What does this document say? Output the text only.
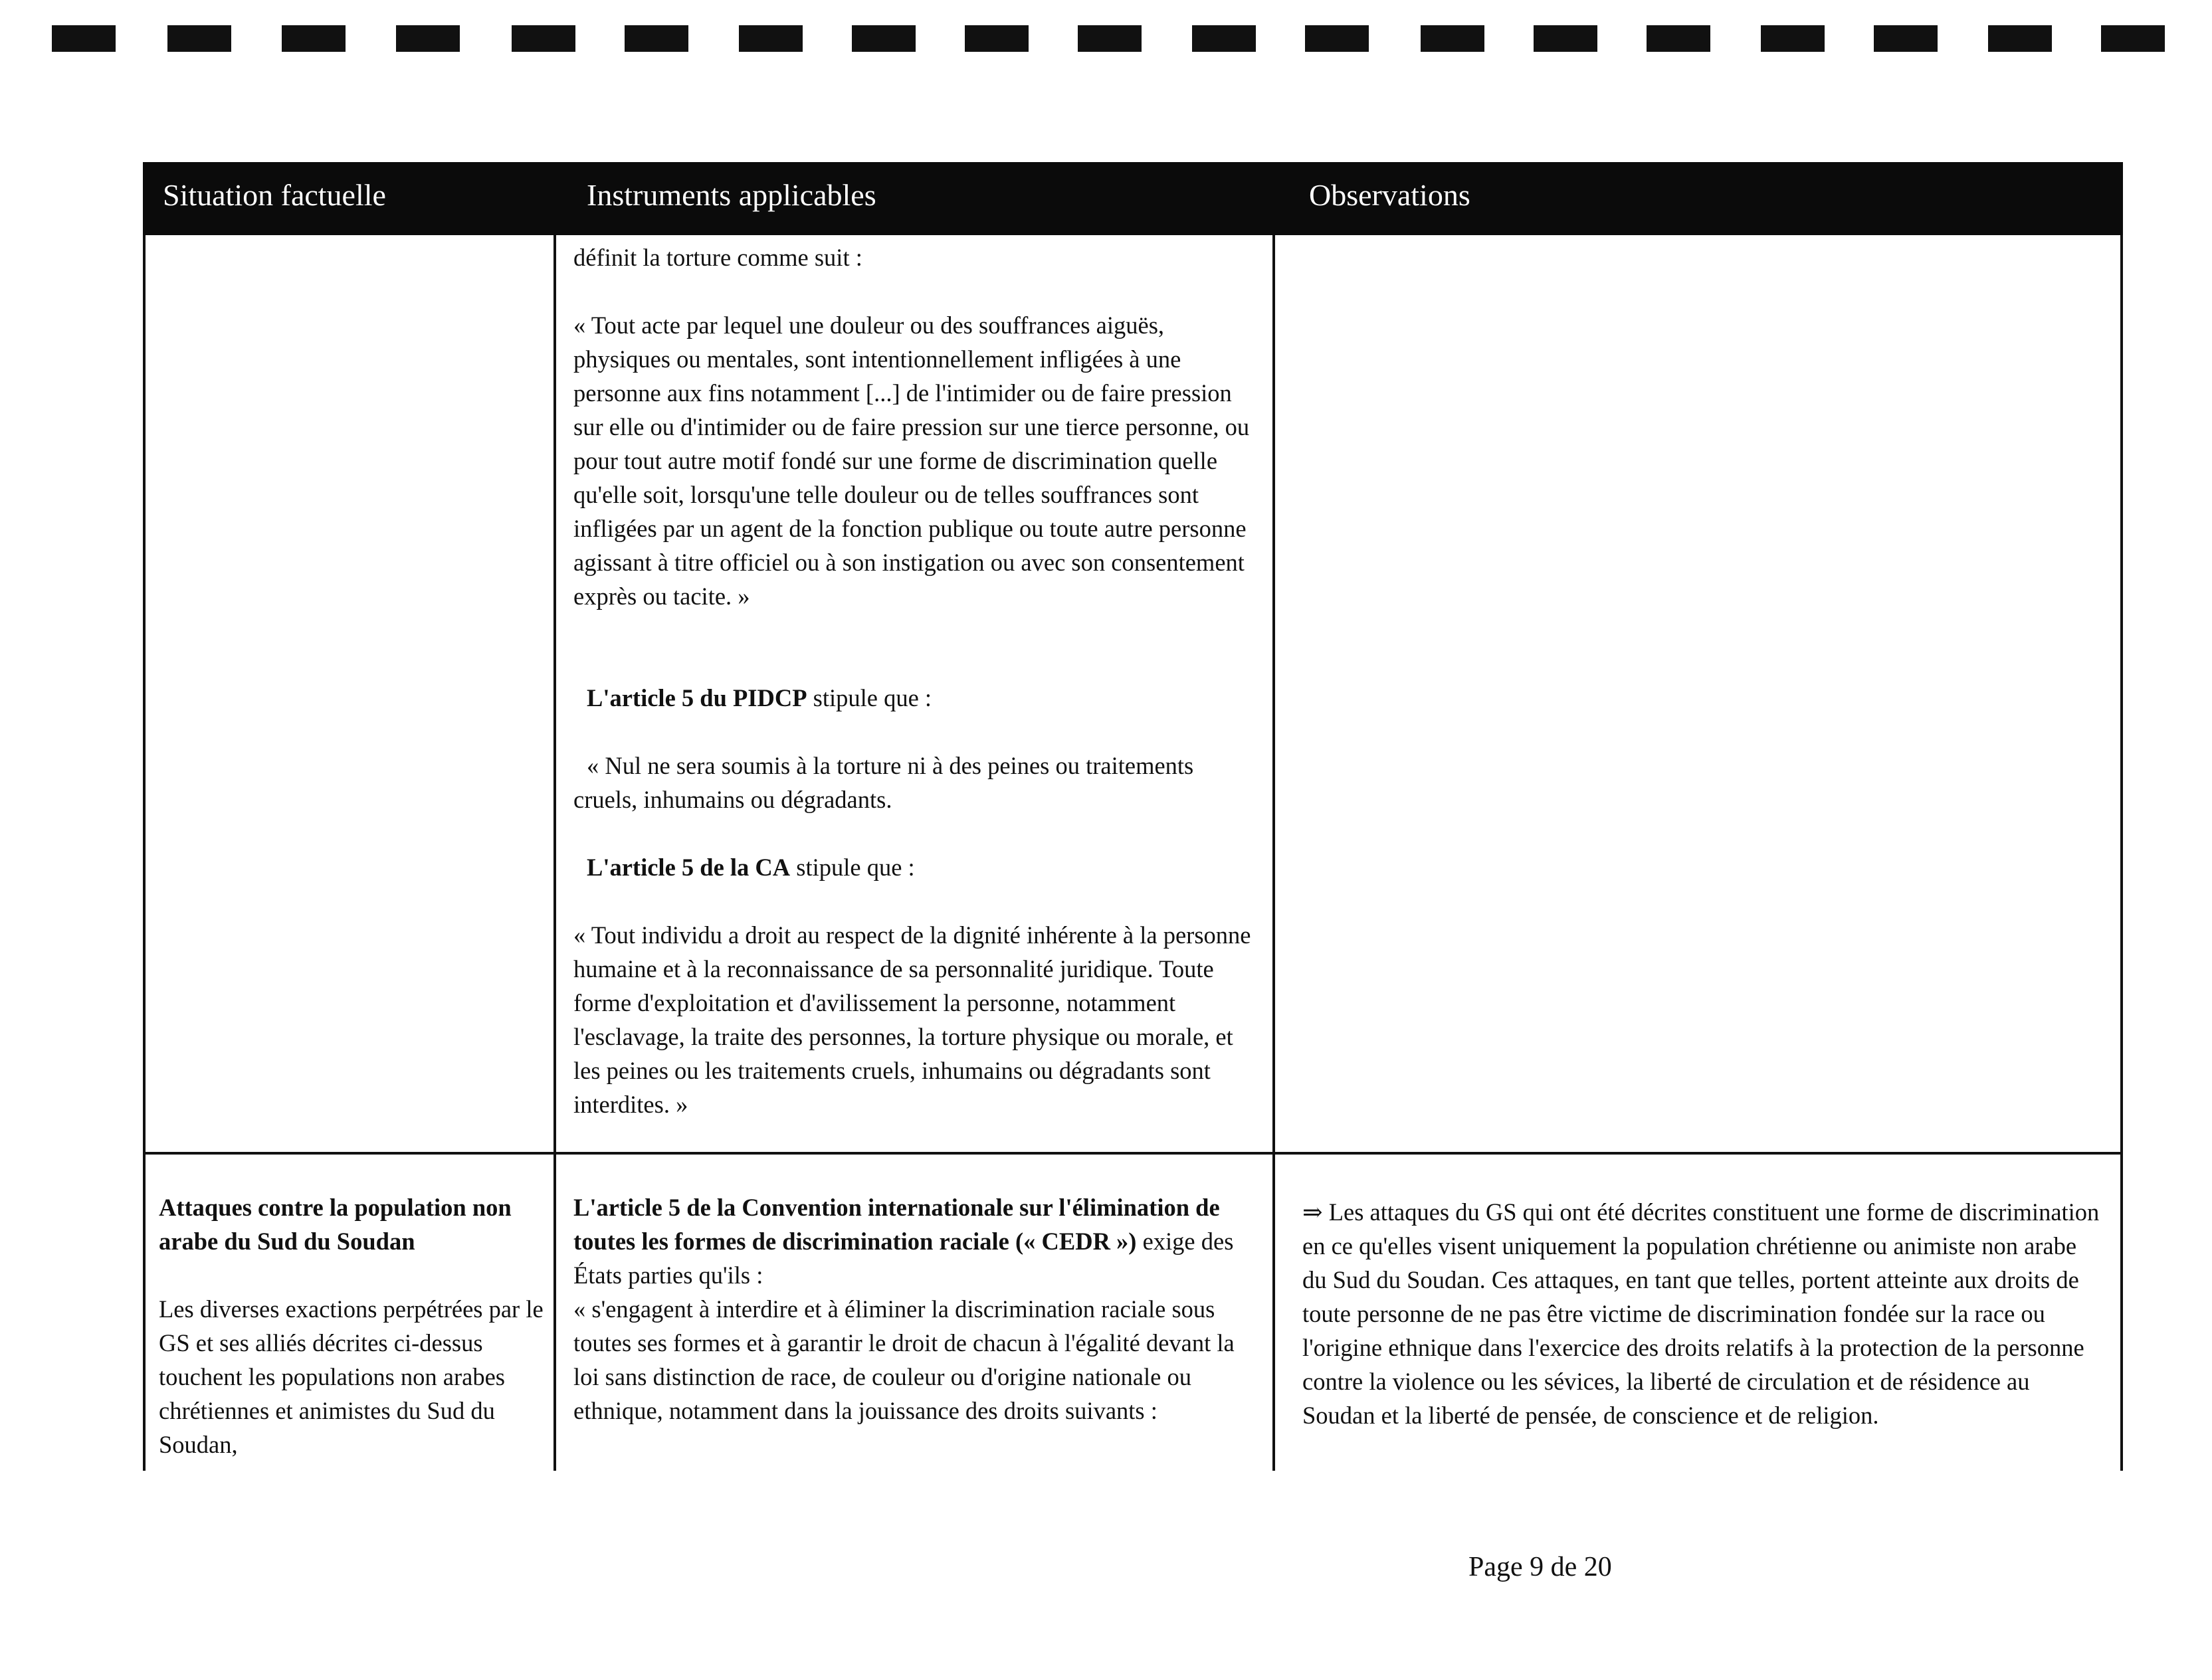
Situation factuelle	Instruments applicables	Observations

définit la torture comme suit :

« Tout acte par lequel une douleur ou des souffrances aiguës, physiques ou mentales, sont intentionnellement infligées à une personne aux fins notamment [...] de l'intimider ou de faire pression sur elle ou d'intimider ou de faire pression sur une tierce personne, ou pour tout autre motif fondé sur une forme de discrimination quelle qu'elle soit, lorsqu'une telle douleur ou de telles souffrances sont infligées par un agent de la fonction publique ou toute autre personne agissant à titre officiel ou à son instigation ou avec son consentement exprès ou tacite. »

L'article 5 du PIDCP stipule que :

« Nul ne sera soumis à la torture ni à des peines ou traitements cruels, inhumains ou dégradants.

L'article 5 de la CA stipule que :

« Tout individu a droit au respect de la dignité inhérente à la personne humaine et à la reconnaissance de sa personnalité juridique. Toute forme d'exploitation et d'avilissement la personne, notamment l'esclavage, la traite des personnes, la torture physique ou morale, et les peines ou les traitements cruels, inhumains ou dégradants sont interdites. »

Attaques contre la population non arabe du Sud du Soudan

Les diverses exactions perpétrées par le GS et ses alliés décrites ci-dessus touchent les populations non arabes chrétiennes et animistes du Sud du Soudan,

L'article 5 de la Convention internationale sur l'élimination de toutes les formes de discrimination raciale (« CEDR ») exige des États parties qu'ils :

« s'engagent à interdire et à éliminer la discrimination raciale sous toutes ses formes et à garantir le droit de chacun à l'égalité devant la loi sans distinction de race, de couleur ou d'origine nationale ou ethnique, notamment dans la jouissance des droits suivants :

⇒ Les attaques du GS qui ont été décrites constituent une forme de discrimination en ce qu'elles visent uniquement la population chrétienne ou animiste non arabe du Sud du Soudan. Ces attaques, en tant que telles, portent atteinte aux droits de toute personne de ne pas être victime de discrimination fondée sur la race ou l'origine ethnique dans l'exercice des droits relatifs à la protection de la personne contre la violence ou les sévices, la liberté de circulation et de résidence au Soudan et la liberté de pensée, de conscience et de religion.

Page 9 de 20
